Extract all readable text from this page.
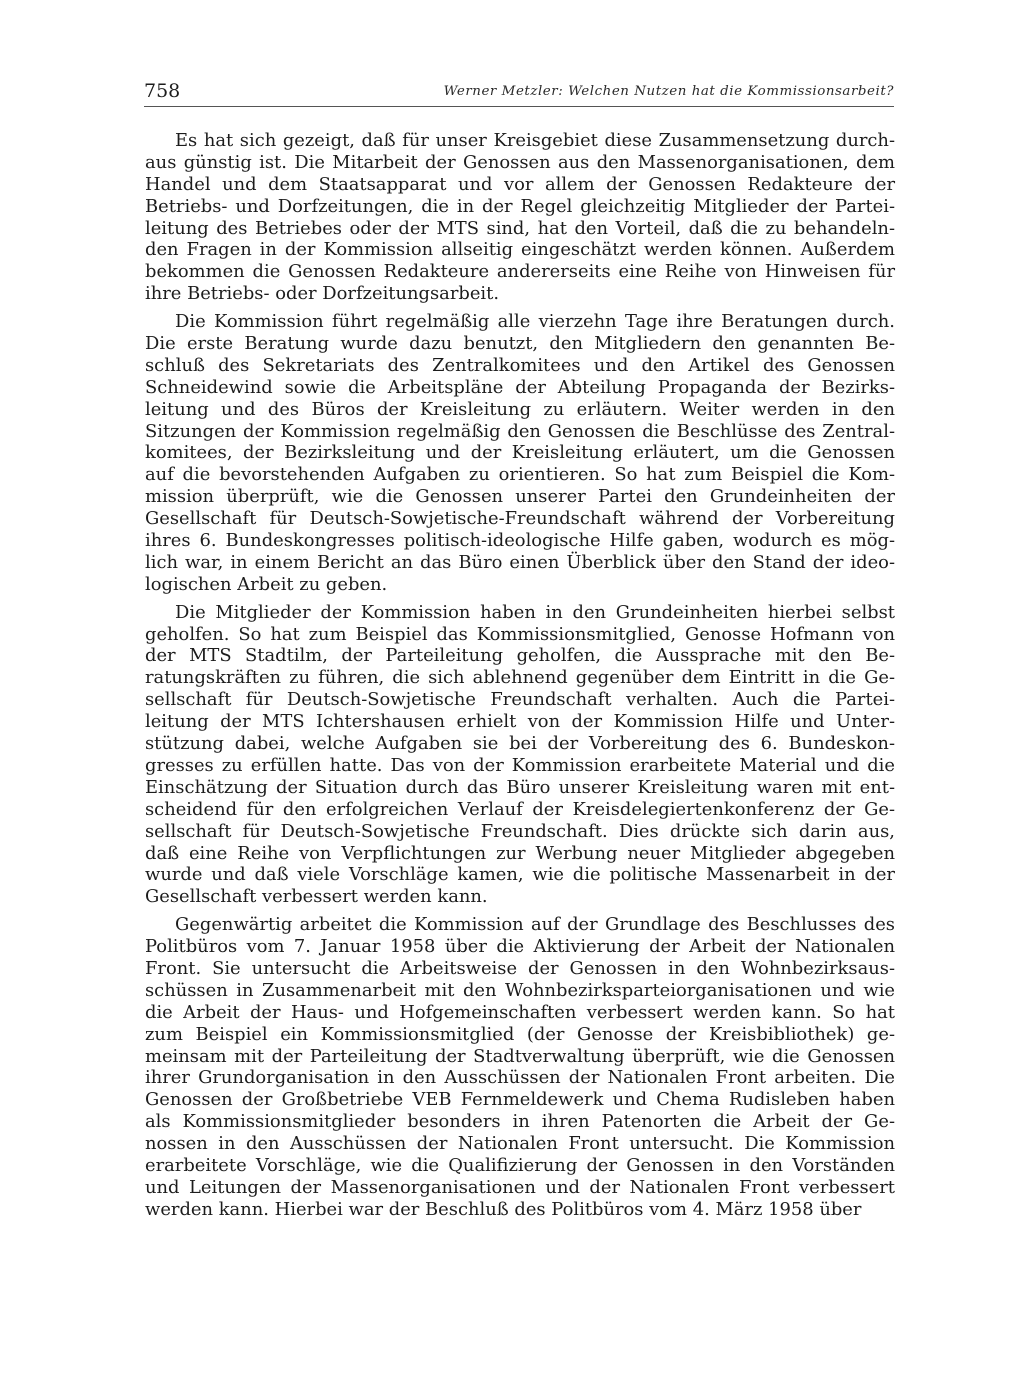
758	Werner Metzler: Welchen Nutzen hat die Kommissionsarbeit?
Es hat sich gezeigt, daß für unser Kreisgebiet diese Zusammensetzung durch-
aus günstig ist. Die Mitarbeit der Genossen aus den Massenorganisationen, dem
Handel und dem Staatsapparat und vor allem der Genossen Redakteure der
Betriebs- und Dorfzeitungen, die in der Regel gleichzeitig Mitglieder der Partei-
leitung des Betriebes oder der MTS sind, hat den Vorteil, daß die zu behandeln-
den Fragen in der Kommission allseitig eingeschätzt werden können. Außerdem
bekommen die Genossen Redakteure andererseits eine Reihe von Hinweisen für
ihre Betriebs- oder Dorfzeitungsarbeit.
Die Kommission führt regelmäßig alle vierzehn Tage ihre Beratungen durch.
Die erste Beratung wurde dazu benutzt, den Mitgliedern den genannten Be-
schluß des Sekretariats des Zentralkomitees und den Artikel des Genossen
Schneidewind sowie die Arbeitspläne der Abteilung Propaganda der Bezirks-
leitung und des Büros der Kreisleitung zu erläutern. Weiter werden in den
Sitzungen der Kommission regelmäßig den Genossen die Beschlüsse des Zentral-
komitees, der Bezirksleitung und der Kreisleitung erläutert, um die Genossen
auf die bevorstehenden Aufgaben zu orientieren. So hat zum Beispiel die Kom-
mission überprüft, wie die Genossen unserer Partei den Grundeinheiten der
Gesellschaft für Deutsch-Sowjetische-Freundschaft während der Vorbereitung
ihres 6. Bundeskongresses politisch-ideologische Hilfe gaben, wodurch es mög-
lich war, in einem Bericht an das Büro einen Überblick über den Stand der ideo-
logischen Arbeit zu geben.
Die Mitglieder der Kommission haben in den Grundeinheiten hierbei selbst
geholfen. So hat zum Beispiel das Kommissionsmitglied, Genosse Hofmann von
der MTS Stadtilm, der Parteileitung geholfen, die Aussprache mit den Be-
ratungskräften zu führen, die sich ablehnend gegenüber dem Eintritt in die Ge-
sellschaft für Deutsch-Sowjetische Freundschaft verhalten. Auch die Partei-
leitung der MTS Ichtershausen erhielt von der Kommission Hilfe und Unter-
stützung dabei, welche Aufgaben sie bei der Vorbereitung des 6. Bundeskon-
gresses zu erfüllen hatte. Das von der Kommission erarbeitete Material und die
Einschätzung der Situation durch das Büro unserer Kreisleitung waren mit ent-
scheidend für den erfolgreichen Verlauf der Kreisdelegiertenkonferenz der Ge-
sellschaft für Deutsch-Sowjetische Freundschaft. Dies drückte sich darin aus,
daß eine Reihe von Verpflichtungen zur Werbung neuer Mitglieder abgegeben
wurde und daß viele Vorschläge kamen, wie die politische Massenarbeit in der
Gesellschaft verbessert werden kann.
Gegenwärtig arbeitet die Kommission auf der Grundlage des Beschlusses des
Politbüros vom 7. Januar 1958 über die Aktivierung der Arbeit der Nationalen
Front. Sie untersucht die Arbeitsweise der Genossen in den Wohnbezirksaus-
schüssen in Zusammenarbeit mit den Wohnbezirksparteiorganisationen und wie
die Arbeit der Haus- und Hofgemeinschaften verbessert werden kann. So hat
zum Beispiel ein Kommissionsmitglied (der Genosse der Kreisbibliothek) ge-
meinsam mit der Parteileitung der Stadtverwaltung überprüft, wie die Genossen
ihrer Grundorganisation in den Ausschüssen der Nationalen Front arbeiten. Die
Genossen der Großbetriebe VEB Fernmeldewerk und Chema Rudisleben haben
als Kommissionsmitglieder besonders in ihren Patenorten die Arbeit der Ge-
nossen in den Ausschüssen der Nationalen Front untersucht. Die Kommission
erarbeitete Vorschläge, wie die Qualifizierung der Genossen in den Vorständen
und Leitungen der Massenorganisationen und der Nationalen Front verbessert
werden kann. Hierbei war der Beschluß des Politbüros vom 4. März 1958 über
